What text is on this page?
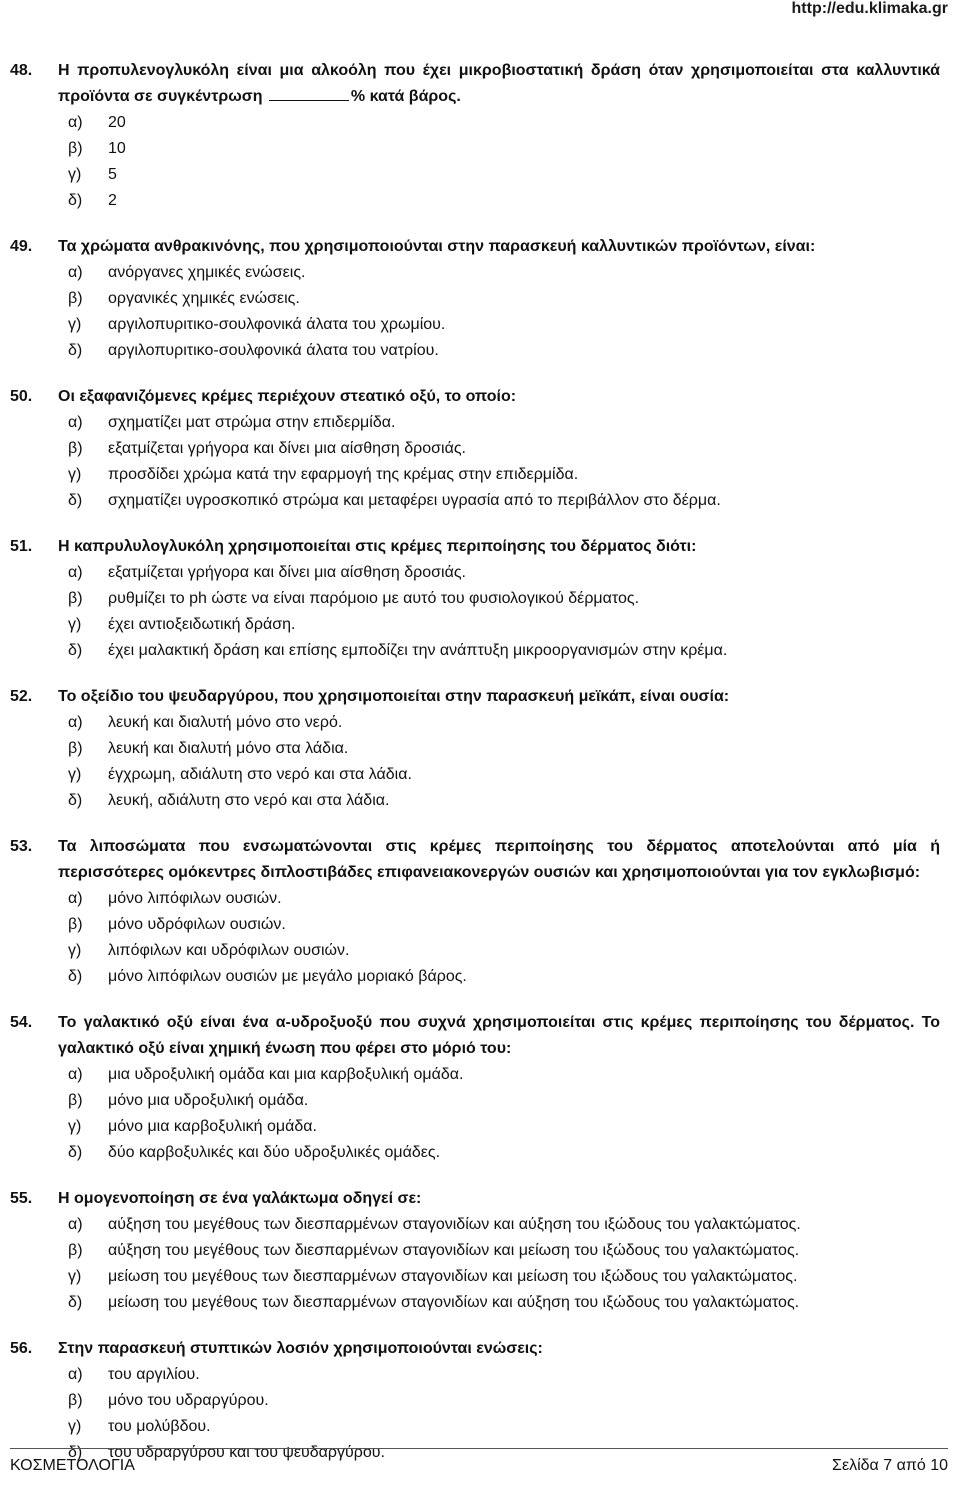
http://edu.klimaka.gr
48.	Η προπυλενογλυκόλη είναι μια αλκοόλη που έχει μικροβιοστατική δράση όταν χρησιμοποιείται στα καλλυντικά προϊόντα σε συγκέντρωση	% κατά βάρος.
α)	20
β)	10
γ)	5
δ)	2
49.	Τα χρώματα ανθρακινόνης, που χρησιμοποιούνται στην παρασκευή καλλυντικών προϊόντων, είναι:
α)	ανόργανες χημικές ενώσεις.
β)	οργανικές χημικές ενώσεις.
γ)	αργιλοπυριτικο-σουλφονικά άλατα του χρωμίου.
δ)	αργιλοπυριτικο-σουλφονικά άλατα του νατρίου.
50.	Οι εξαφανιζόμενες κρέμες περιέχουν στεατικό οξύ, το οποίο:
α)	σχηματίζει ματ στρώμα στην επιδερμίδα.
β)	εξατμίζεται γρήγορα και δίνει μια αίσθηση δροσιάς.
γ)	προσδίδει χρώμα κατά την εφαρμογή της κρέμας στην επιδερμίδα.
δ)	σχηματίζει υγροσκοπικό στρώμα και μεταφέρει υγρασία από το περιβάλλον στο δέρμα.
51.	Η καπρυλυλογλυκόλη χρησιμοποιείται στις κρέμες περιποίησης του δέρματος διότι:
α)	εξατμίζεται γρήγορα και δίνει μια αίσθηση δροσιάς.
β)	ρυθμίζει το ph ώστε να είναι παρόμοιο με αυτό του φυσιολογικού δέρματος.
γ)	έχει αντιοξειδωτική δράση.
δ)	έχει μαλακτική δράση και επίσης εμποδίζει την ανάπτυξη μικροοργανισμών στην κρέμα.
52.	Το οξείδιο του ψευδαργύρου, που χρησιμοποιείται στην παρασκευή μεϊκάπ, είναι ουσία:
α)	λευκή και διαλυτή μόνο στο νερό.
β)	λευκή και διαλυτή μόνο στα λάδια.
γ)	έγχρωμη, αδιάλυτη στο νερό και στα λάδια.
δ)	λευκή, αδιάλυτη στο νερό και στα λάδια.
53.	Τα λιποσώματα που ενσωματώνονται στις κρέμες περιποίησης του δέρματος αποτελούνται από μία ή περισσότερες ομόκεντρες διπλοστιβάδες επιφανειακονεργών ουσιών και χρησιμοποιούνται για τον εγκλωβισμό:
α)	μόνο λιπόφιλων ουσιών.
β)	μόνο υδρόφιλων ουσιών.
γ)	λιπόφιλων και υδρόφιλων ουσιών.
δ)	μόνο λιπόφιλων ουσιών με μεγάλο μοριακό βάρος.
54.	Το γαλακτικό οξύ είναι ένα α-υδροξυοξύ που συχνά χρησιμοποιείται στις κρέμες περιποίησης του δέρματος. Το γαλακτικό οξύ είναι χημική ένωση που φέρει στο μόριό του:
α)	μια υδροξυλική ομάδα και μια καρβοξυλική ομάδα.
β)	μόνο μια υδροξυλική ομάδα.
γ)	μόνο μια καρβοξυλική ομάδα.
δ)	δύο καρβοξυλικές και δύο υδροξυλικές ομάδες.
55.	Η ομογενοποίηση σε ένα γαλάκτωμα οδηγεί σε:
α)	αύξηση του μεγέθους των διεσπαρμένων σταγονιδίων και αύξηση του ιξώδους του γαλακτώματος.
β)	αύξηση του μεγέθους των διεσπαρμένων σταγονιδίων και μείωση του ιξώδους του γαλακτώματος.
γ)	μείωση του μεγέθους των διεσπαρμένων σταγονιδίων και μείωση του ιξώδους του γαλακτώματος.
δ)	μείωση του μεγέθους των διεσπαρμένων σταγονιδίων και αύξηση του ιξώδους του γαλακτώματος.
56.	Στην παρασκευή στυπτικών λοσιόν χρησιμοποιούνται ενώσεις:
α)	του αργιλίου.
β)	μόνο του υδραργύρου.
γ)	του μολύβδου.
δ)	του υδραργύρου και του ψευδαργύρου.
ΚΟΣΜΕΤΟΛΟΓΙΑ	Σελίδα 7 από 10
